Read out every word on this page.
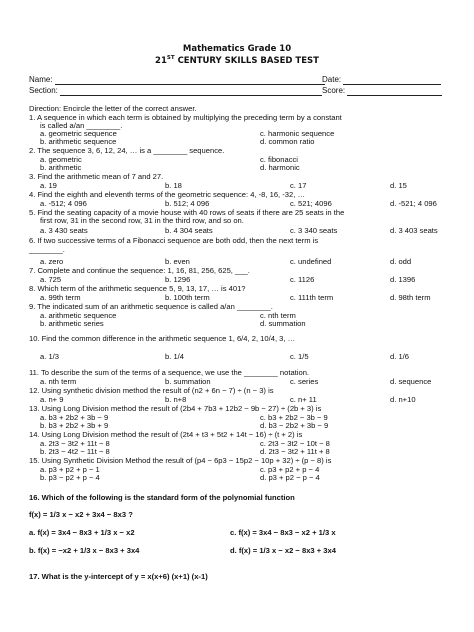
Mathematics Grade 10
21ST CENTURY SKILLS BASED TEST
Name:
Section:
Date:
Score:
Direction: Encircle the letter of the correct answer.
1. A sequence in which each term is obtained by multiplying the preceding term by a constant
is called a/an ________.
a. geometric sequence
b. arithmetic sequence
c. harmonic sequence
d. common ratio
2. The sequence 3, 6, 12, 24, … is a ________ sequence.
a. geometric
b. arithmetic
c. fibonacci
d. harmonic
3. Find the arithmetic mean of 7 and 27.
a. 19	b. 18	c. 17	d. 15
4. Find the eighth and eleventh terms of the geometric sequence: 4, -8, 16, -32, …
a. -512; 4 096	b. 512; 4 096	c. 521; 4096	d. -521; 4 096
5. Find the seating capacity of a movie house with 40 rows of seats if there are 25 seats in the
first row, 31 in the second row, 31 in the third row, and so on.
a. 3 430 seats	b. 4 304 seats	c. 3 340 seats	d. 3 403 seats
6. If two successive terms of a Fibonacci sequence are both odd, then the next term is
________.
a. zero	b. even	c. undefined	d. odd
7. Complete and continue the sequence: 1, 16, 81, 256, 625, ___.
a. 725	b. 1296	c. 1126	d. 1396
8. Which term of the arithmetic sequence 5, 9, 13, 17, … is 401?
a. 99th term	b. 100th term	c. 111th term	d. 98th term
9. The indicated sum of an arithmetic sequence is called a/an ________.
a. arithmetic sequence
b. arithmetic series
c. nth term
d. summation
10. Find the common difference in the arithmetic sequence 1, 6/4, 2, 10/4, 3, …
a. 1/3	b. 1/4	c. 1/5	d. 1/6
11. To describe the sum of the terms of a sequence, we use the ________ notation.
a. nth term	b. summation	c. series	d. sequence
12. Using synthetic division method the result of (n2 + 6n − 7) ÷ (n − 3) is
a. n+ 9	b. n+8	c. n+ 11	d. n+10
13. Using Long Division method the result of (2b4 + 7b3 + 12b2 − 9b − 27) ÷ (2b + 3) is
a. b3 + 2b2 + 3b − 9
b. b3 + 2b2 + 3b + 9
c. b3 + 2b2 − 3b − 9
d. b3 − 2b2 + 3b − 9
14. Using Long Division method the result of (2t4 + t3 + 5t2 + 14t − 16) ÷ (t + 2) is
a. 2t3 − 3t2 + 11t − 8
b. 2t3 − 4t2 − 11t − 8
c. 2t3 − 3t2 − 10t − 8
d. 2t3 − 3t2 + 11t + 8
15. Using Synthetic Division Method the result of (p4 − 6p3 − 15p2 − 10p + 32) ÷ (p − 8) is
a. p3 + p2 + p − 1
b. p3 − p2 + p − 4
c. p3 + p2 + p − 4
d. p3 + p2 − p − 4
16. Which of the following is the standard form of the polynomial function
f(x) = 1/3 x − x2 + 3x4 − 8x3 ?
a. f(x) = 3x4 − 8x3 + 1/3 x − x2
b. f(x) = −x2 + 1/3 x − 8x3 + 3x4
c. f(x) = 3x4 − 8x3 − x2 + 1/3 x
d. f(x) = 1/3 x − x2 − 8x3 + 3x4
17. What is the y-intercept of y = x(x+6) (x+1) (x-1)
